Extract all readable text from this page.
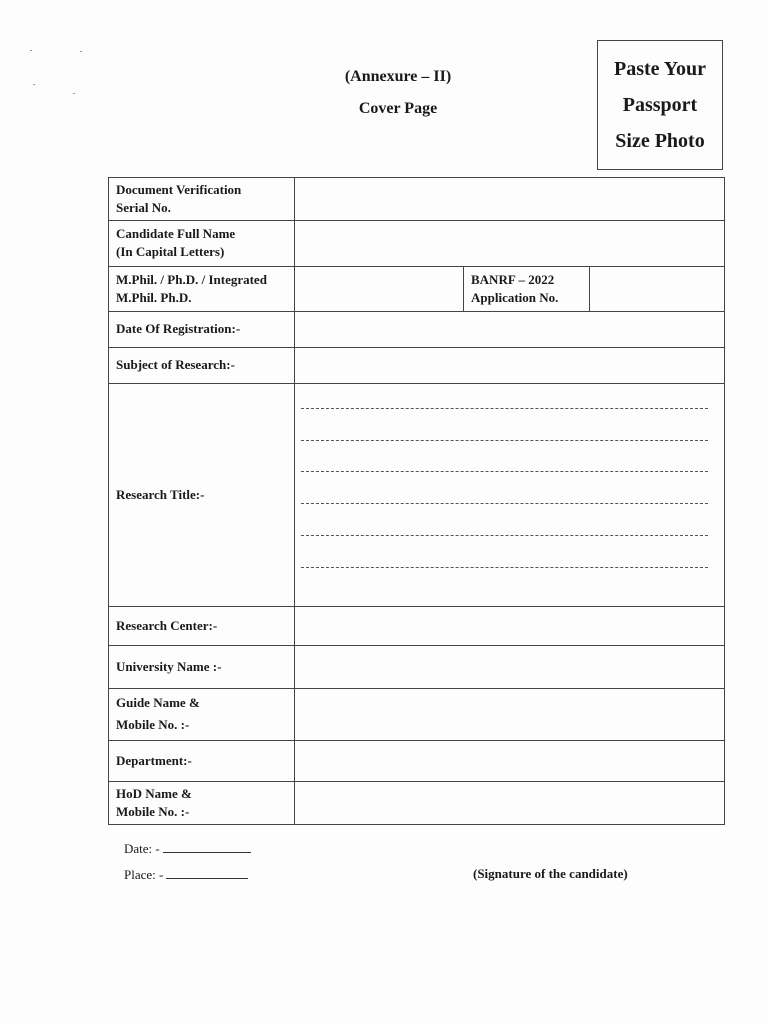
(Annexure – II)
Cover Page
Paste Your
Passport
Size Photo
Document Verification
Serial No.
Candidate Full Name
(In Capital Letters)
M.Phil. / Ph.D. / Integrated
M.Phil. Ph.D.
BANRF – 2022
Application No.
Date Of Registration:-
Subject of Research:-
Research Title:-
Research Center:-
University Name :-
Guide Name &
Mobile No. :-
Department:-
HoD Name &
Mobile No. :-
Date: -
Place: -	(Signature of the candidate)
